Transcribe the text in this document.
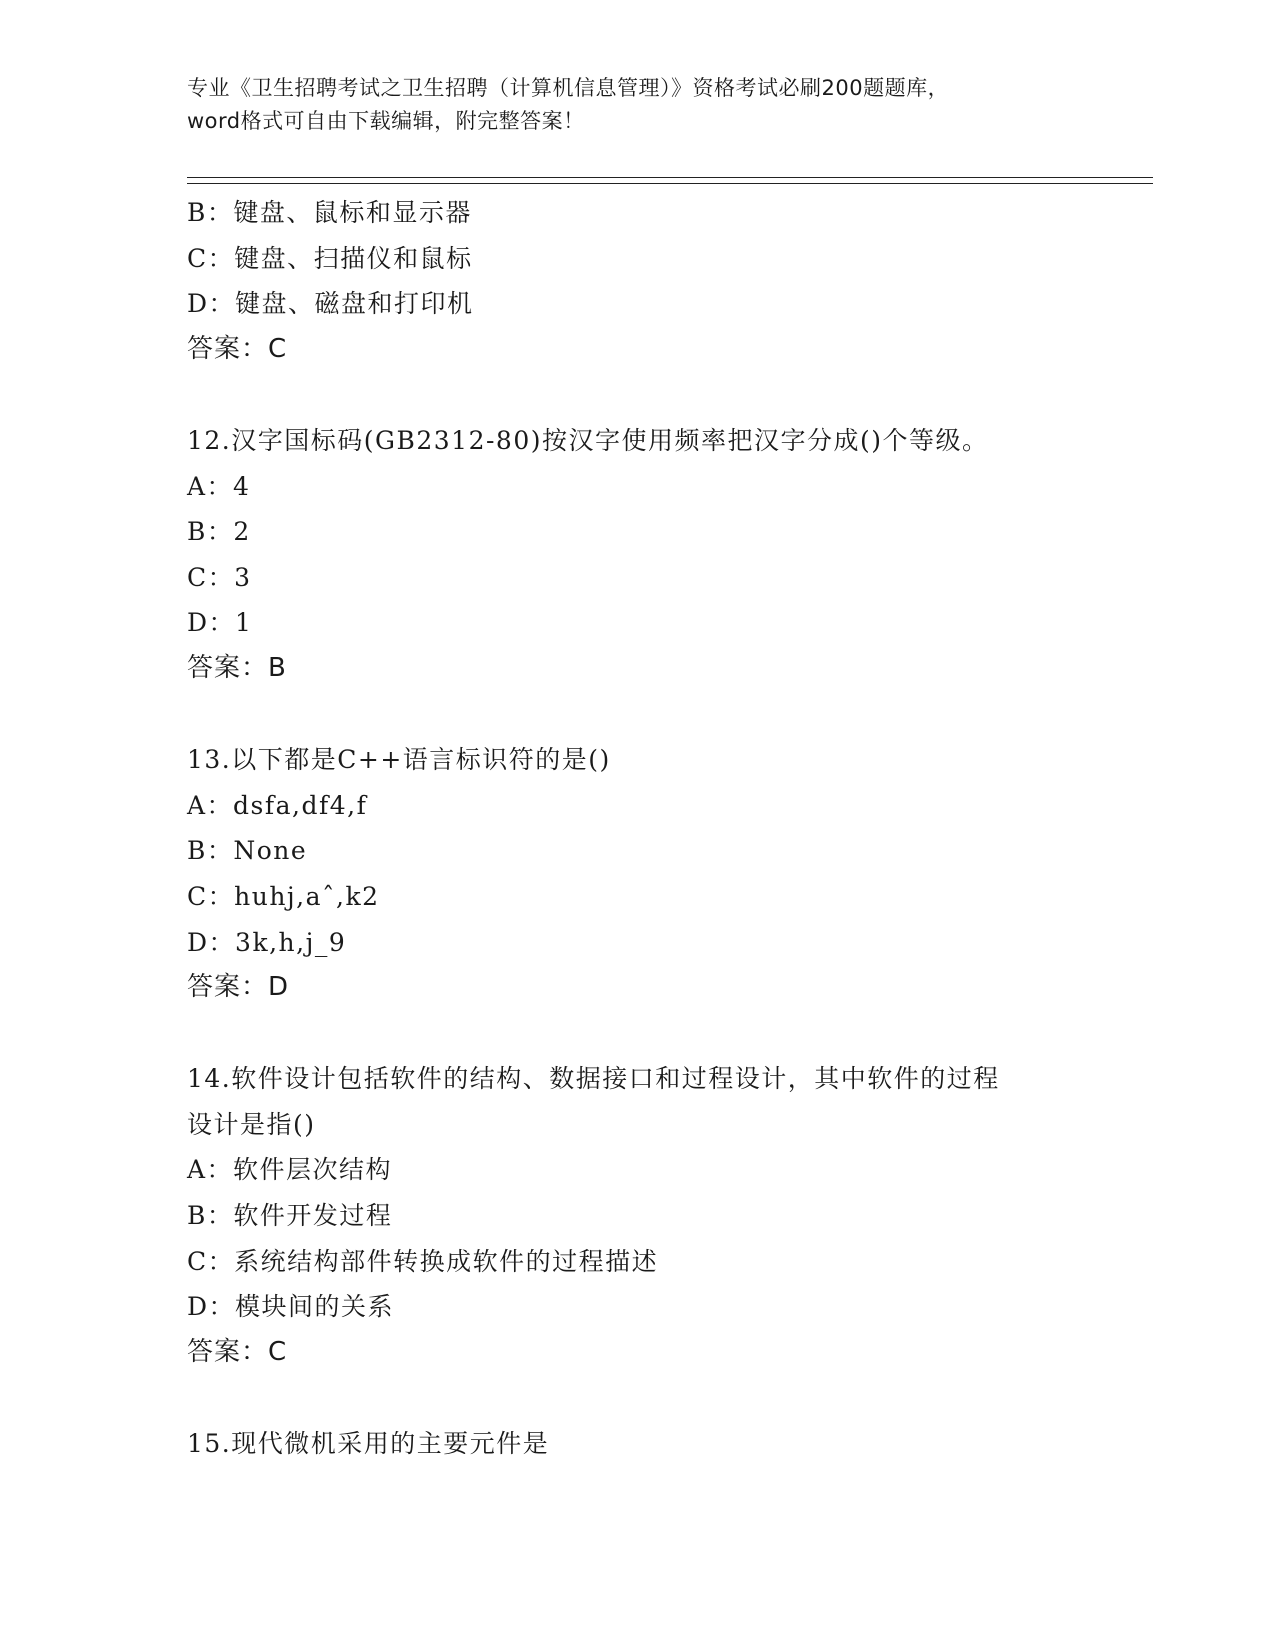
专业《卫生招聘考试之卫生招聘（计算机信息管理）》资格考试必刷200题题库，
word格式可自由下载编辑，附完整答案！
B：键盘、鼠标和显示器
C：键盘、扫描仪和鼠标
D：键盘、磁盘和打印机
答案：C
12.汉字国标码(GB2312-80)按汉字使用频率把汉字分成()个等级。
A：4
B：2
C：3
D：1
答案：B
13.以下都是C++语言标识符的是()
A：dsfa,df4,f
B：None
C：huhj,aˆ,k2
D：3k,h,j_9
答案：D
14.软件设计包括软件的结构、数据接口和过程设计，其中软件的过程
设计是指()
A：软件层次结构
B：软件开发过程
C：系统结构部件转换成软件的过程描述
D：模块间的关系
答案：C
15.现代微机采用的主要元件是
